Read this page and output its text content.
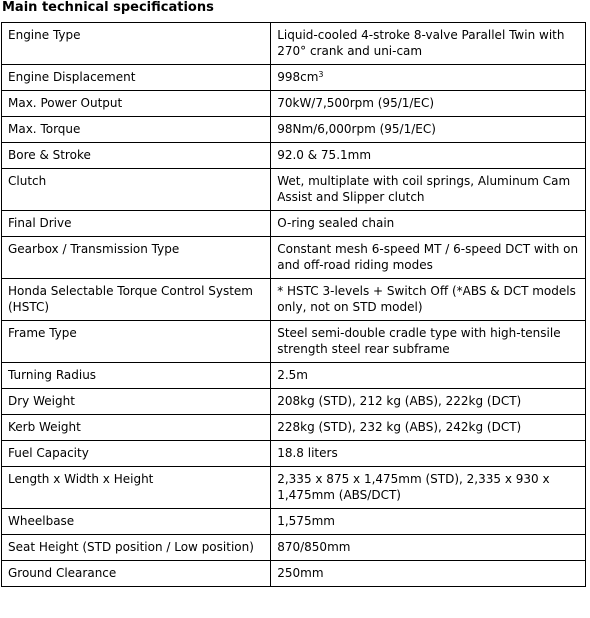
Main technical specifications
Engine Type	Liquid-cooled 4-stroke 8-valve Parallel Twin with 270° crank and uni-cam
Engine Displacement	$998cm^3$
Max. Power Output	70kW/7,500rpm (95/1/EC)
Max. Torque	98Nm/6,000rpm (95/1/EC)
Bore & Stroke	92.0 & 75.1mm
Clutch	Wet, multiplate with coil springs, Aluminum Cam Assist and Slipper clutch
Final Drive	O-ring sealed chain
Gearbox / Transmission Type	Constant mesh 6-speed MT / 6-speed DCT with on and off-road riding modes
Honda Selectable Torque Control System (HSTC)	* HSTC 3-levels + Switch Off (*ABS & DCT models only, not on STD model)
Frame Type	Steel semi-double cradle type with high-tensile strength steel rear subframe
Turning Radius	2.5m
Dry Weight	208kg (STD), 212 kg (ABS), 222kg (DCT)
Kerb Weight	228kg (STD), 232 kg (ABS), 242kg (DCT)
Fuel Capacity	18.8 liters
Length x Width x Height	2,335 x 875 x 1,475mm (STD), 2,335 x 930 x 1,475mm (ABS/DCT)
Wheelbase	1,575mm
Seat Height (STD position / Low position)	870/850mm
Ground Clearance	250mm
